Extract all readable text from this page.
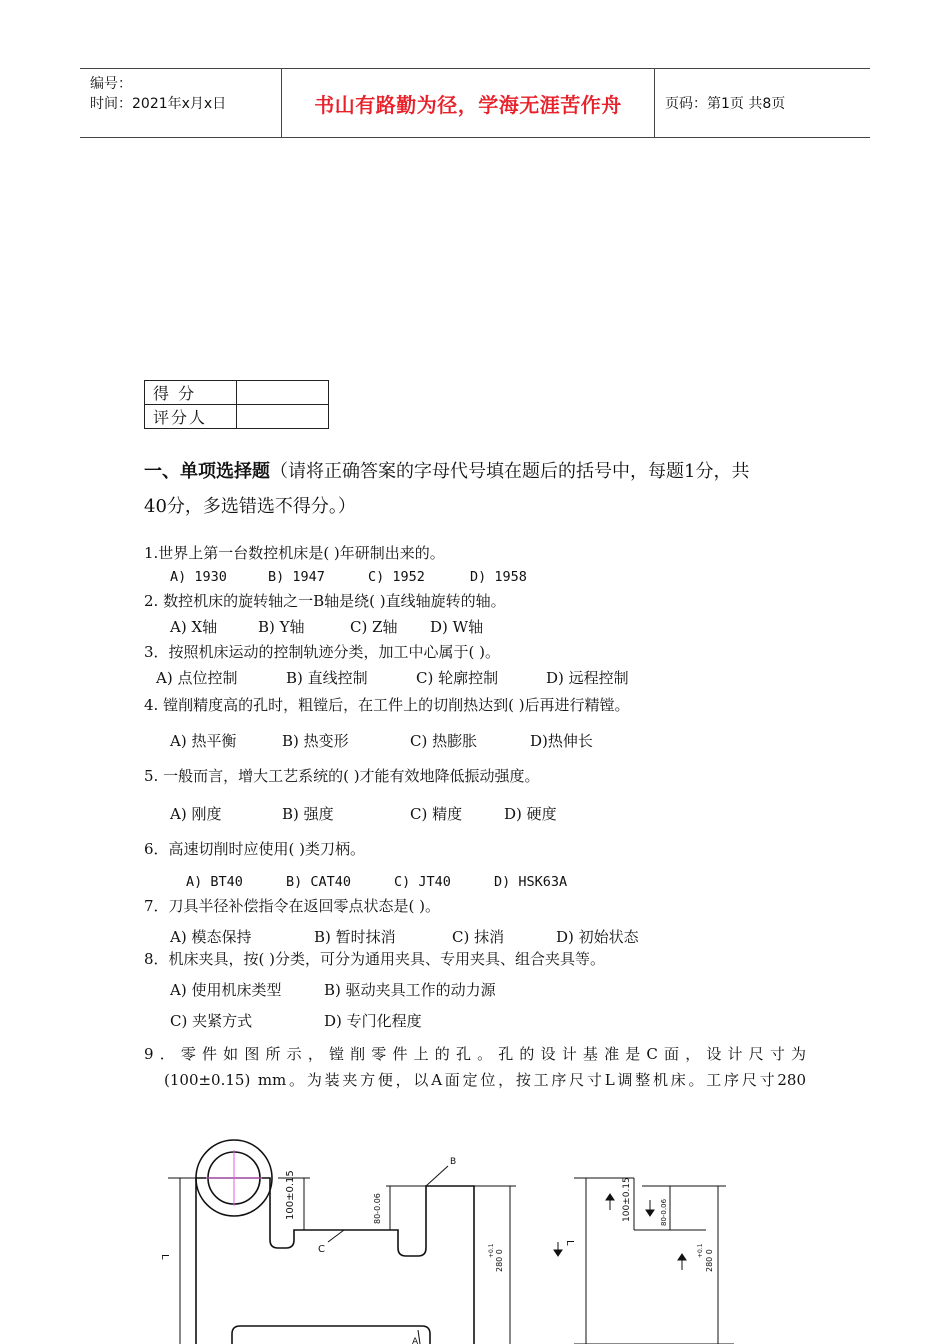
编号：
时间：2021年x月x日	书山有路勤为径，学海无涯苦作舟	页码：第1页 共8页
得 分	
评分人	
一、单项选择题（请将正确答案的字母代号填在题后的括号中，每题1分，共
40分，多选错选不得分。）
1.世界上第一台数控机床是( )年研制出来的。
A) 1930	B) 1947	C) 1952	D) 1958
2. 数控机床的旋转轴之一B轴是绕( )直线轴旋转的轴。
A) X轴	B) Y轴	C) Z轴 D) W轴
3．按照机床运动的控制轨迹分类，加工中心属于( )。
A) 点位控制	B) 直线控制	C) 轮廓控制	D) 远程控制
4. 镗削精度高的孔时，粗镗后，在工件上的切削热达到( )后再进行精镗。
A) 热平衡	B) 热变形	C) 热膨胀	D)热伸长
5. 一般而言，增大工艺系统的( )才能有效地降低振动强度。
A) 刚度	B) 强度	C) 精度	D) 硬度
6．高速切削时应使用( )类刀柄。
A) BT40	B) CAT40	C) JT40	D) HSK63A
7．刀具半径补偿指令在返回零点状态是( )。
A) 模态保持	B) 暂时抹消	C) 抹消	D) 初始状态
8．机床夹具，按( )分类，可分为通用夹具、专用夹具、组合夹具等。
A) 使用机床类型	B) 驱动夹具工作的动力源
C) 夹紧方式	D) 专门化程度
9．零件如图所示，镗削零件上的孔。孔的设计基准是C面，设计尺寸为
(100±0.15) mm。为装夹方便，以A面定位，按工序尺寸L调整机床。工序尺寸280
L
100±0.15	80-0.06
280 0
+0.1
C
B
A
L
100±0.15	80-0.06
280 0
+0.1
